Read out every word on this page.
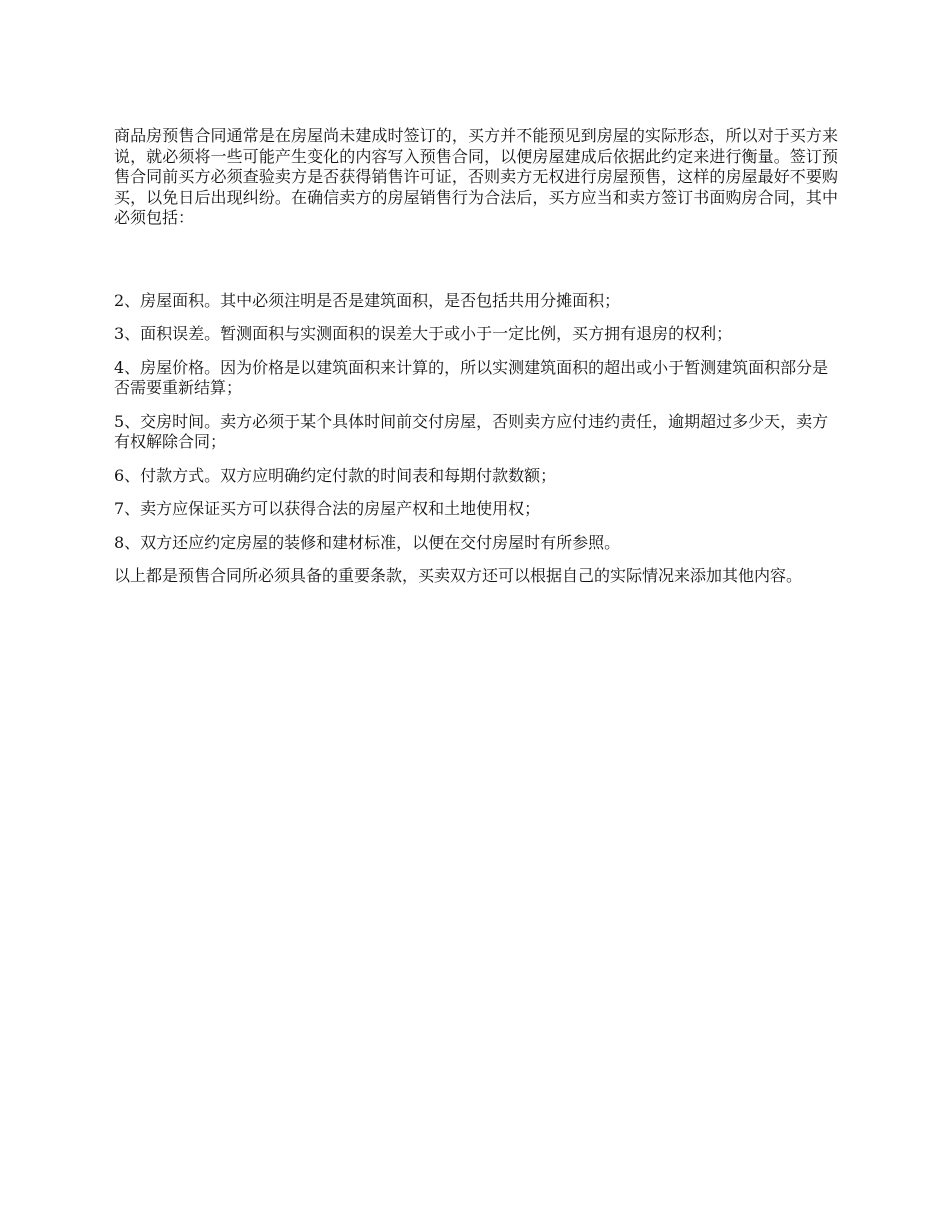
商品房预售合同通常是在房屋尚未建成时签订的，买方并不能预见到房屋的实际形态，所以对于买方来说，就必须将一些可能产生变化的内容写入预售合同，以便房屋建成后依据此约定来进行衡量。签订预售合同前买方必须查验卖方是否获得销售许可证，否则卖方无权进行房屋预售，这样的房屋最好不要购买，以免日后出现纠纷。在确信卖方的房屋销售行为合法后，买方应当和卖方签订书面购房合同，其中必须包括：

2、房屋面积。其中必须注明是否是建筑面积，是否包括共用分摊面积；

3、面积误差。暂测面积与实测面积的误差大于或小于一定比例，买方拥有退房的权利；

4、房屋价格。因为价格是以建筑面积来计算的，所以实测建筑面积的超出或小于暂测建筑面积部分是否需要重新结算；

5、交房时间。卖方必须于某个具体时间前交付房屋，否则卖方应付违约责任，逾期超过多少天，卖方有权解除合同；

6、付款方式。双方应明确约定付款的时间表和每期付款数额；

7、卖方应保证买方可以获得合法的房屋产权和土地使用权；

8、双方还应约定房屋的装修和建材标准，以便在交付房屋时有所参照。

以上都是预售合同所必须具备的重要条款，买卖双方还可以根据自己的实际情况来添加其他内容。
